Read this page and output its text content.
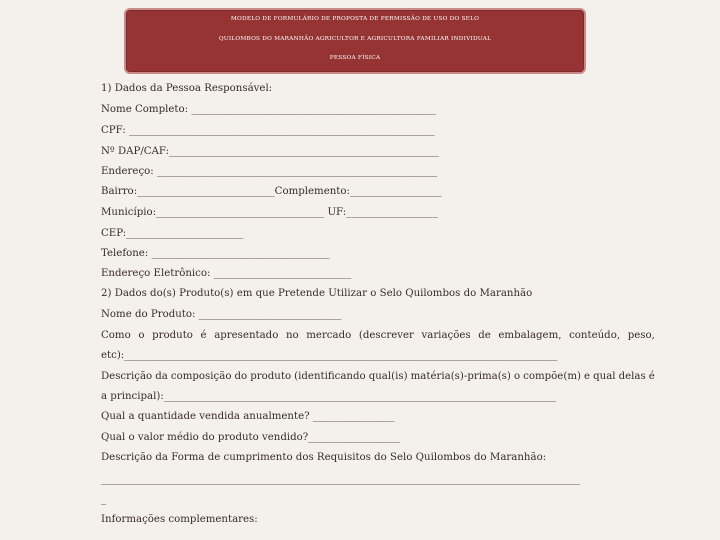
MODELO DE FORMULÁRIO DE PROPOSTA DE PERMISSÃO DE USO DO SELO
QUILOMBOS DO MARANHÃO AGRICULTOR E AGRICULTORA FAMILIAR INDIVIDUAL
PESSOA FÍSICA
1) Dados da Pessoa Responsável:
Nome Completo: ________________________________________________
CPF: ____________________________________________________________
Nº DAP/CAF:_____________________________________________________
Endereço: _______________________________________________________
Bairro:___________________________Complemento:__________________
Município:_________________________________ UF:__________________
CEP:_______________________
Telefone: ___________________________________
Endereço Eletrônico: ___________________________
2) Dados do(s) Produto(s) em que Pretende Utilizar o Selo Quilombos do Maranhão
Nome do Produto: ____________________________
Como o produto é apresentado no mercado (descrever variações de embalagem, conteúdo, peso,
etc):_____________________________________________________________________________________
Descrição da composição do produto (identificando qual(is) matéria(s)-prima(s) o compõe(m) e qual delas é
a principal):_____________________________________________________________________________
Qual a quantidade vendida anualmente? ________________
Qual o valor médio do produto vendido?__________________
Descrição da Forma de cumprimento dos Requisitos do Selo Quilombos do Maranhão:
______________________________________________________________________________________________
_
Informações complementares:
